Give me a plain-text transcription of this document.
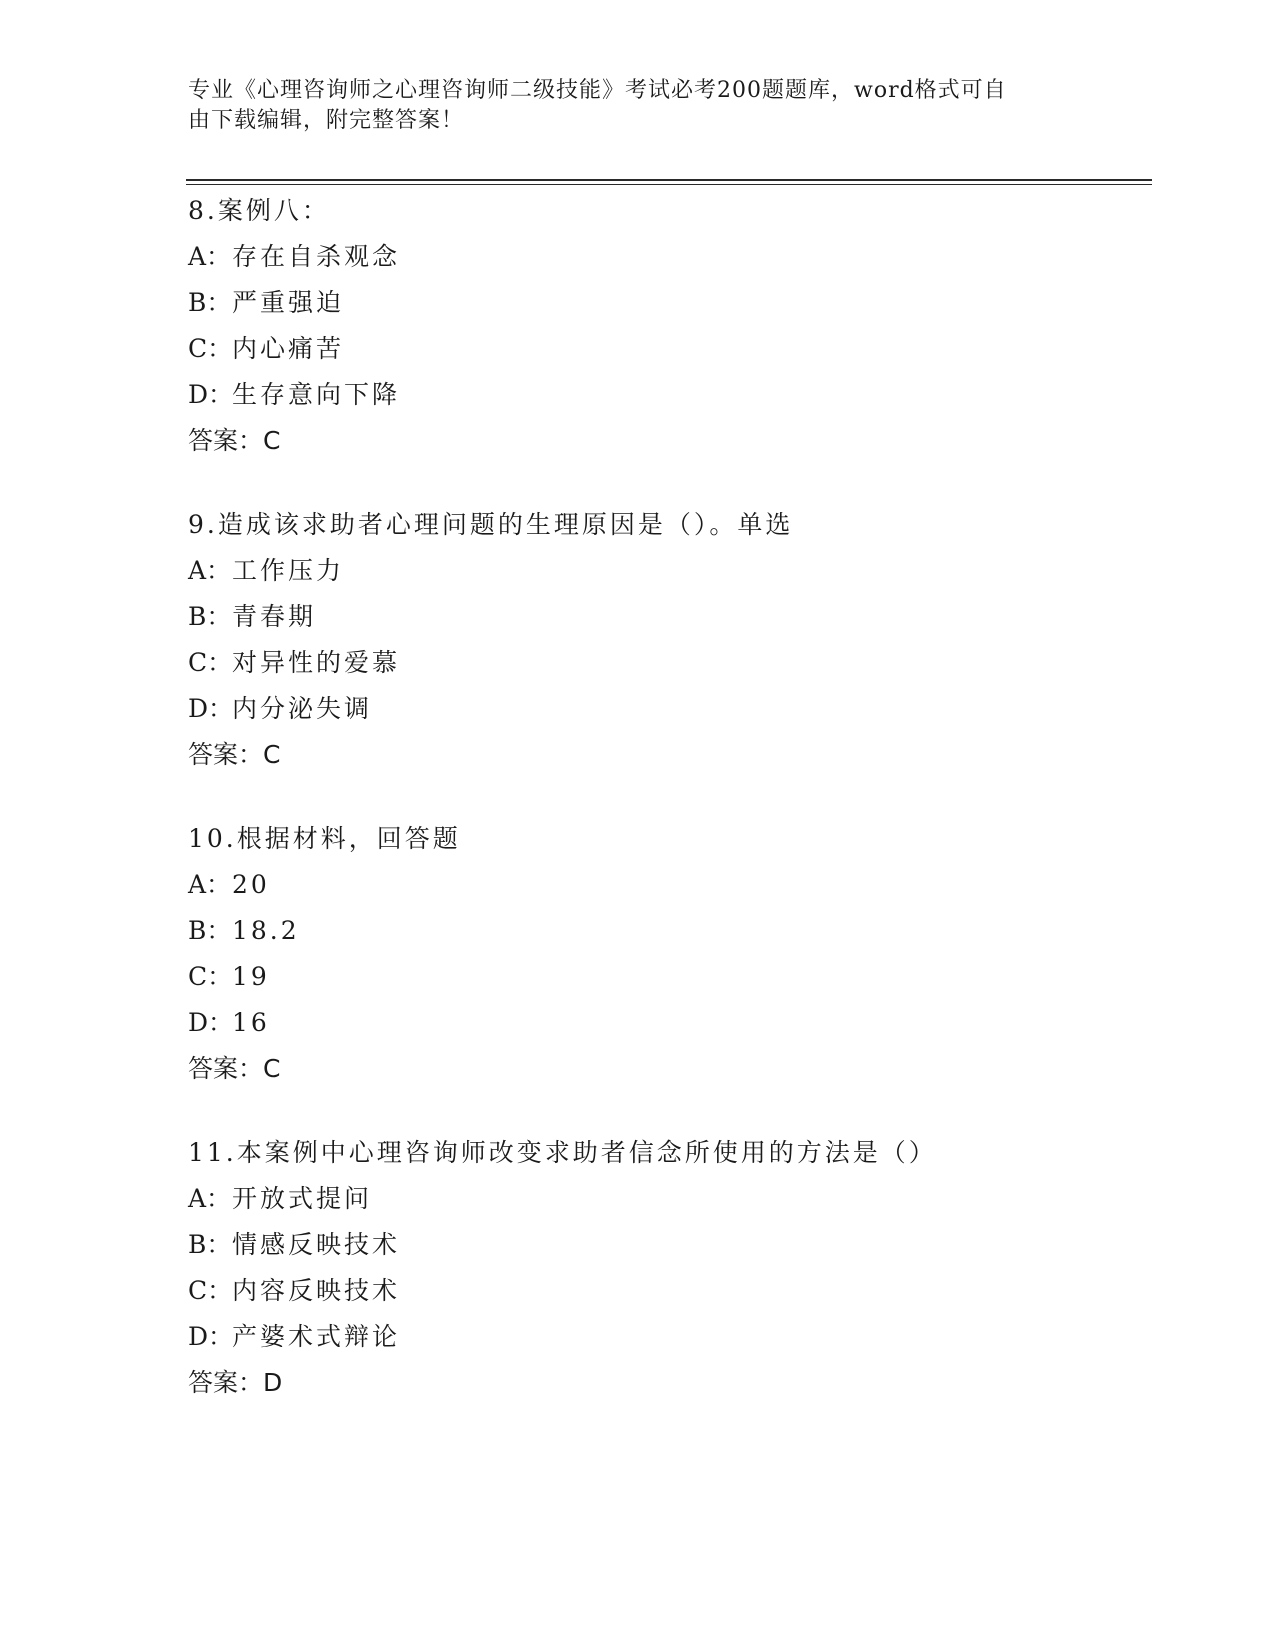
专业《心理咨询师之心理咨询师二级技能》考试必考200题题库，word格式可自
由下载编辑，附完整答案！
8.案例八：
A：存在自杀观念
B：严重强迫
C：内心痛苦
D：生存意向下降
答案：C
9.造成该求助者心理问题的生理原因是（）。单选
A：工作压力
B：青春期
C：对异性的爱慕
D：内分泌失调
答案：C
10.根据材料，回答题
A：20
B：18.2
C：19
D：16
答案：C
11.本案例中心理咨询师改变求助者信念所使用的方法是（）
A：开放式提问
B：情感反映技术
C：内容反映技术
D：产婆术式辩论
答案：D
